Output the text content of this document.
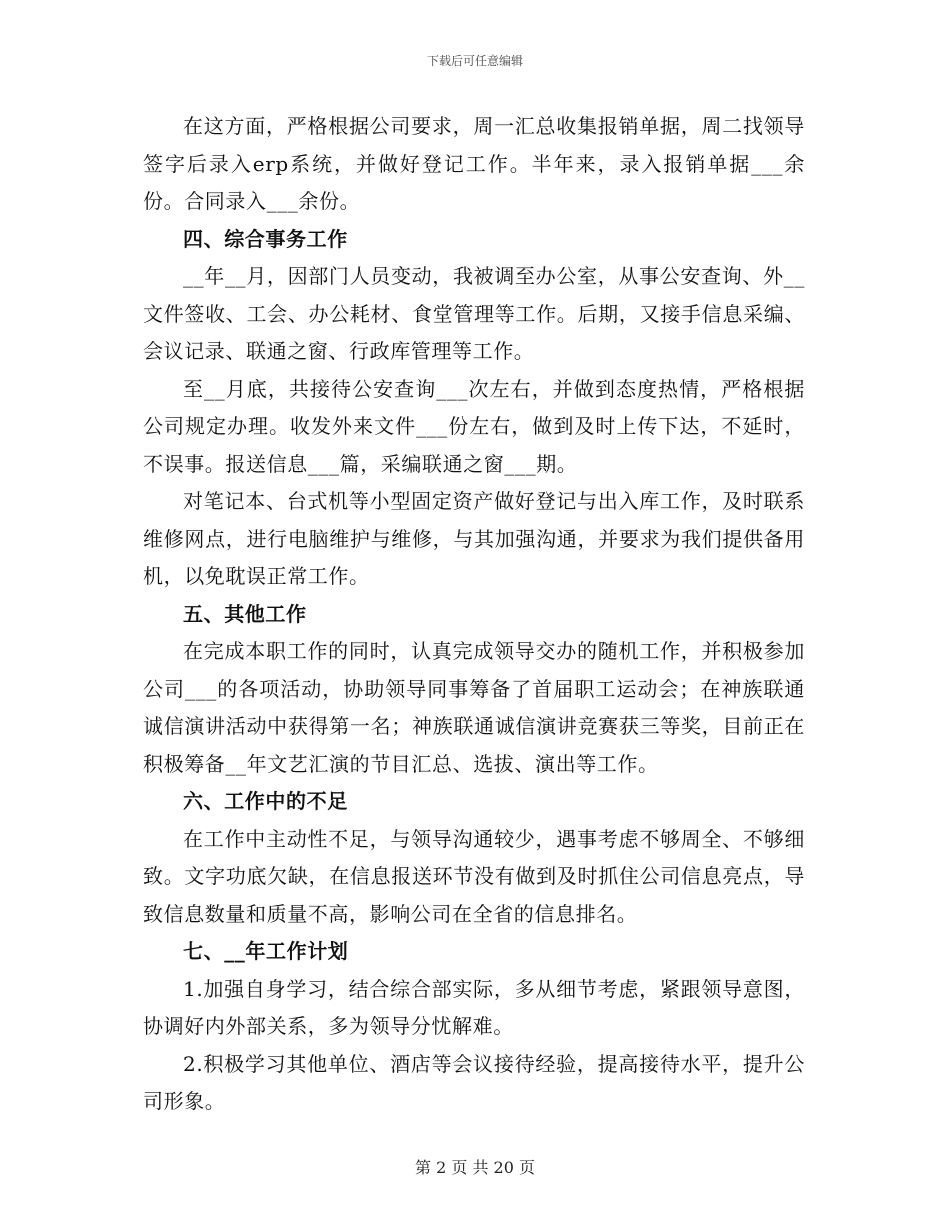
下载后可任意编辑

在这方面，严格根据公司要求，周一汇总收集报销单据，周二找领导签字后录入erp系统，并做好登记工作。半年来，录入报销单据___余份。合同录入___余份。

四、综合事务工作

__年__月，因部门人员变动，我被调至办公室，从事公安查询、外__文件签收、工会、办公耗材、食堂管理等工作。后期，又接手信息采编、会议记录、联通之窗、行政库管理等工作。

至__月底，共接待公安查询___次左右，并做到态度热情，严格根据公司规定办理。收发外来文件___份左右，做到及时上传下达，不延时，不误事。报送信息___篇，采编联通之窗___期。

对笔记本、台式机等小型固定资产做好登记与出入库工作，及时联系维修网点，进行电脑维护与维修，与其加强沟通，并要求为我们提供备用机，以免耽误正常工作。

五、其他工作

在完成本职工作的同时，认真完成领导交办的随机工作，并积极参加公司___的各项活动，协助领导同事筹备了首届职工运动会；在神族联通诚信演讲活动中获得第一名；神族联通诚信演讲竞赛获三等奖，目前正在积极筹备__年文艺汇演的节目汇总、选拔、演出等工作。

六、工作中的不足

在工作中主动性不足，与领导沟通较少，遇事考虑不够周全、不够细致。文字功底欠缺，在信息报送环节没有做到及时抓住公司信息亮点，导致信息数量和质量不高，影响公司在全省的信息排名。

七、__年工作计划

1.加强自身学习，结合综合部实际，多从细节考虑，紧跟领导意图，协调好内外部关系，多为领导分忧解难。

2.积极学习其他单位、酒店等会议接待经验，提高接待水平，提升公司形象。

第 2 页 共 20 页
